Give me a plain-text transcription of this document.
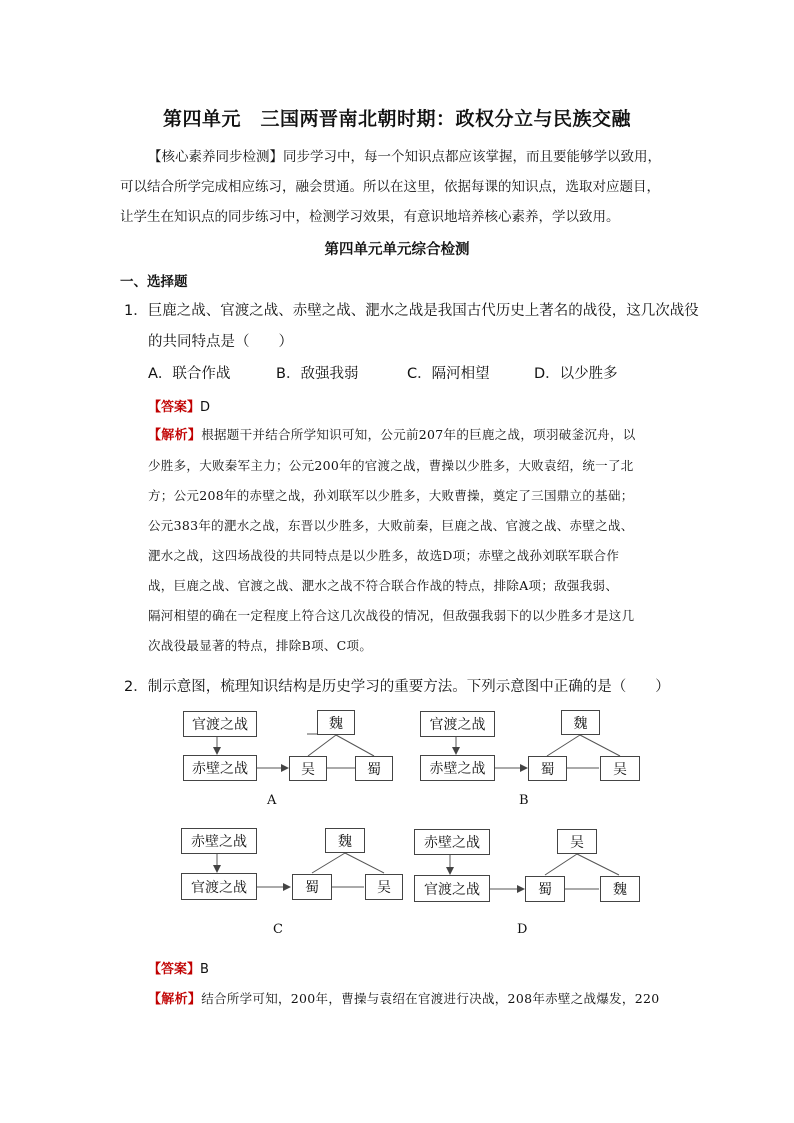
第四单元　三国两晋南北朝时期：政权分立与民族交融
【核心素养同步检测】同步学习中，每一个知识点都应该掌握，而且要能够学以致用，
可以结合所学完成相应练习，融会贯通。所以在这里，依据每课的知识点，选取对应题目，
让学生在知识点的同步练习中，检测学习效果，有意识地培养核心素养，学以致用。
第四单元单元综合检测
一、选择题
1．巨鹿之战、官渡之战、赤壁之战、淝水之战是我国古代历史上著名的战役，这几次战役
的共同特点是（　　）
A．联合作战	B．敌强我弱	C．隔河相望	D．以少胜多
【答案】D
【解析】根据题干并结合所学知识可知，公元前207年的巨鹿之战，项羽破釜沉舟，以
少胜多，大败秦军主力；公元200年的官渡之战，曹操以少胜多，大败袁绍，统一了北
方；公元208年的赤壁之战，孙刘联军以少胜多，大败曹操，奠定了三国鼎立的基础；
公元383年的淝水之战，东晋以少胜多，大败前秦，巨鹿之战、官渡之战、赤壁之战、
淝水之战，这四场战役的共同特点是以少胜多，故选D项；赤壁之战孙刘联军联合作
战，巨鹿之战、官渡之战、淝水之战不符合联合作战的特点，排除A项；敌强我弱、
隔河相望的确在一定程度上符合这几次战役的情况，但敌强我弱下的以少胜多才是这几
次战役最显著的特点，排除B项、C项。
2．制示意图，梳理知识结构是历史学习的重要方法。下列示意图中正确的是（　　）
官渡之战
赤壁之战
魏
吴	蜀
A
官渡之战
赤壁之战
魏
蜀	吴
B
赤壁之战
官渡之战
魏
蜀	吴
C
赤壁之战
官渡之战
吴
蜀	魏
D
【答案】B
【解析】结合所学可知，200年，曹操与袁绍在官渡进行决战，208年赤壁之战爆发，220
